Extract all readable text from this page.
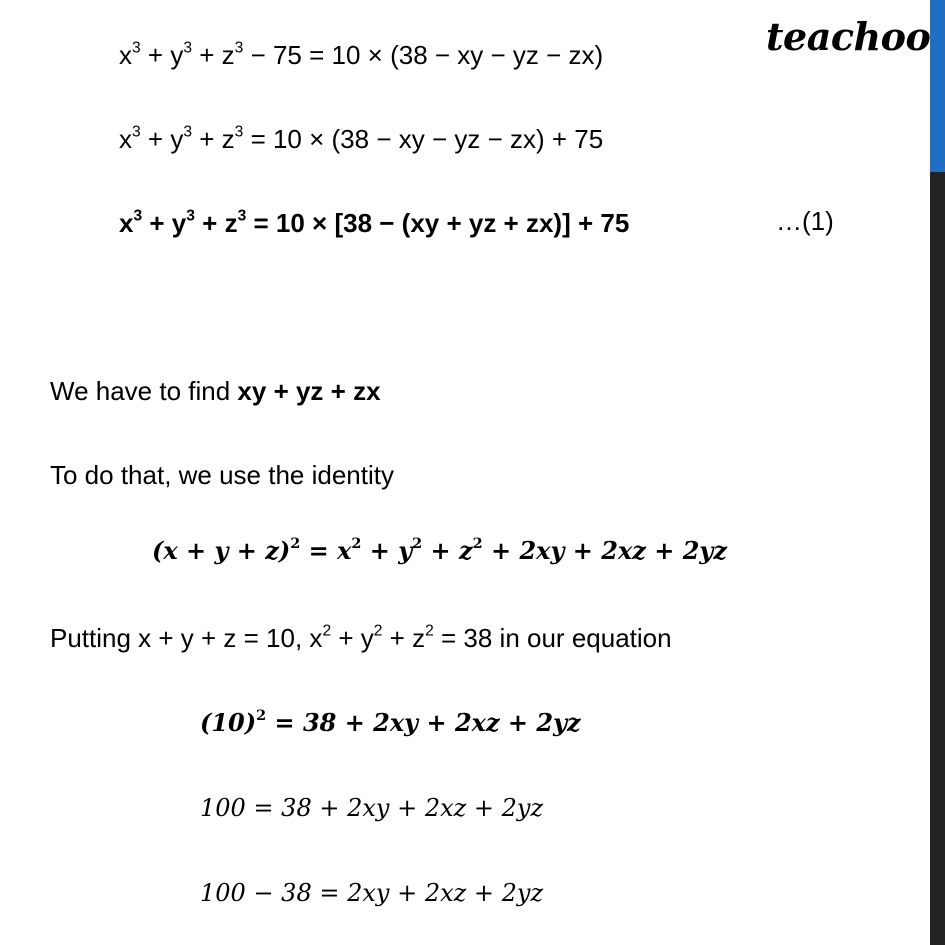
teachoo
$x^3 + y^3 + z^3 - 75 = 10 \times (38$ − xy − yz − zx)
$x^3 + y^3 + z^3 = 10 \times (38$ − xy − yz − zx) + 75
$x^3 + y^3 + z^3 = 10 \times [38 - (xy$ + yz + zx)] + 75	…(1)
We have to find xy + yz + zx
To do that, we use the identity
$(x + y + z)^2 = x^2 + y^2 + z^2 + 2xy + 2xz + 2yz$
Putting x + y + z = 10, $x^2 + y^2 + z^2 = 38$ in our equation
$(10)^2 = 38 + 2xy + 2xz + 2yz$
100 = 38 + 2xy + 2xz + 2yz
100 − 38 = 2xy + 2xz + 2yz
